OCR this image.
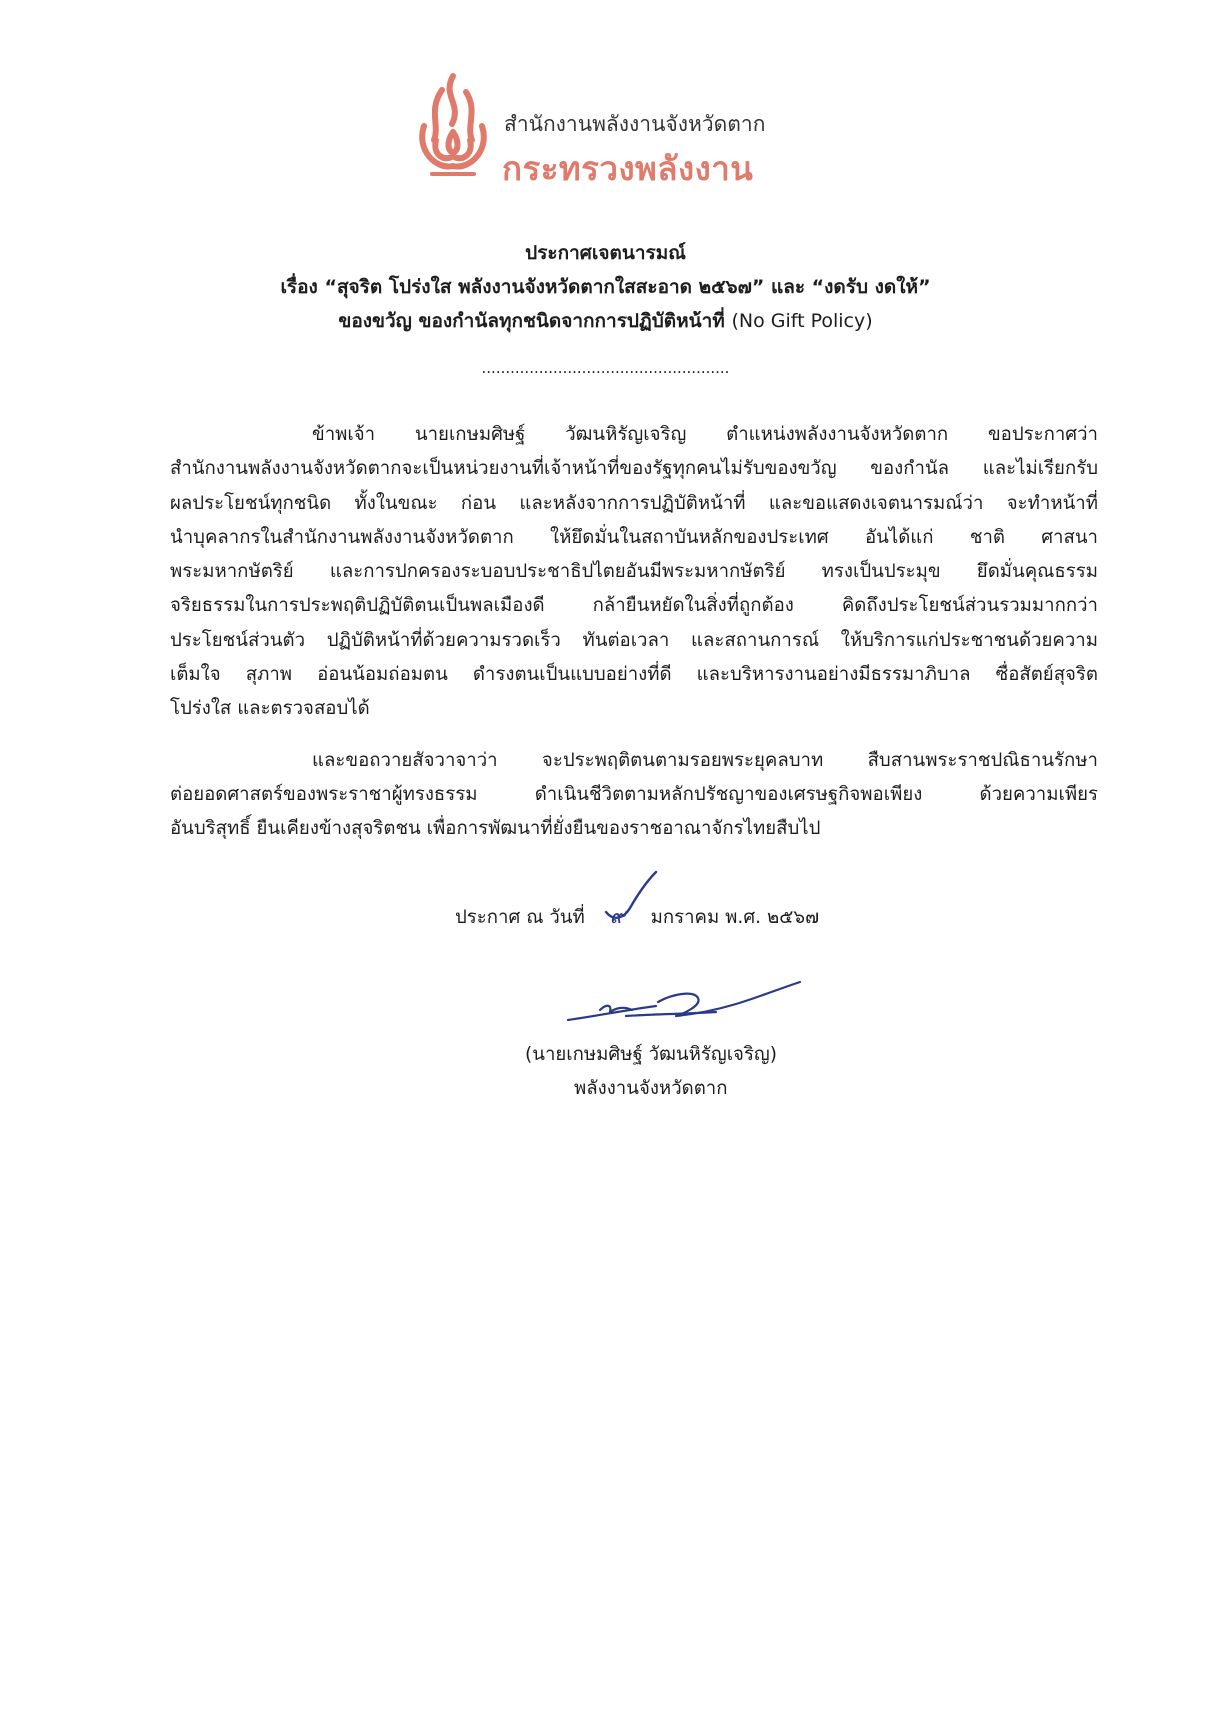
สำนักงานพลังงานจังหวัดตาก
กระทรวงพลังงาน
ประกาศเจตนารมณ์
เรื่อง “สุจริต โปร่งใส พลังงานจังหวัดตากใสสะอาด ๒๕๖๗” และ “งดรับ งดให้”
ของขวัญ ของกำนัลทุกชนิดจากการปฏิบัติหน้าที่ (No Gift Policy)
....................................................

ข้าพเจ้า นายเกษมศิษฐ์ วัฒนหิรัญเจริญ ตำแหน่งพลังงานจังหวัดตาก ขอประกาศว่า

สำนักงานพลังงานจังหวัดตากจะเป็นหน่วยงานที่เจ้าหน้าที่ของรัฐทุกคนไม่รับของขวัญ ของกำนัล และไม่เรียกรับ

ผลประโยชน์ทุกชนิด ทั้งในขณะ ก่อน และหลังจากการปฏิบัติหน้าที่ และขอแสดงเจตนารมณ์ว่า จะทำหน้าที่

นำบุคลากรในสำนักงานพลังงานจังหวัดตาก ให้ยึดมั่นในสถาบันหลักของประเทศ อันได้แก่ ชาติ ศาสนา

พระมหากษัตริย์ และการปกครองระบอบประชาธิปไตยอันมีพระมหากษัตริย์ ทรงเป็นประมุข ยึดมั่นคุณธรรม

จริยธรรมในการประพฤติปฏิบัติตนเป็นพลเมืองดี กล้ายืนหยัดในสิ่งที่ถูกต้อง คิดถึงประโยชน์ส่วนรวมมากกว่า

ประโยชน์ส่วนตัว ปฏิบัติหน้าที่ด้วยความรวดเร็ว ทันต่อเวลา และสถานการณ์ ให้บริการแก่ประชาชนด้วยความ

เต็มใจ สุภาพ อ่อนน้อมถ่อมตน ดำรงตนเป็นแบบอย่างที่ดี และบริหารงานอย่างมีธรรมาภิบาล ซื่อสัตย์สุจริต

โปร่งใส และตรวจสอบได้

และขอถวายสัจวาจาว่า จะประพฤติตนตามรอยพระยุคลบาท สืบสานพระราชปณิธานรักษา

ต่อยอดศาสตร์ของพระราชาผู้ทรงธรรม ดำเนินชีวิตตามหลักปรัชญาของเศรษฐกิจพอเพียง ด้วยความเพียร

อันบริสุทธิ์ ยืนเคียงข้างสุจริตชน เพื่อการพัฒนาที่ยั่งยืนของราชอาณาจักรไทยสืบไป

ประกาศ ณ วันที่ ๙ มกราคม พ.ศ. ๒๕๖๗
(นายเกษมศิษฐ์ วัฒนหิรัญเจริญ)
พลังงานจังหวัดตาก
